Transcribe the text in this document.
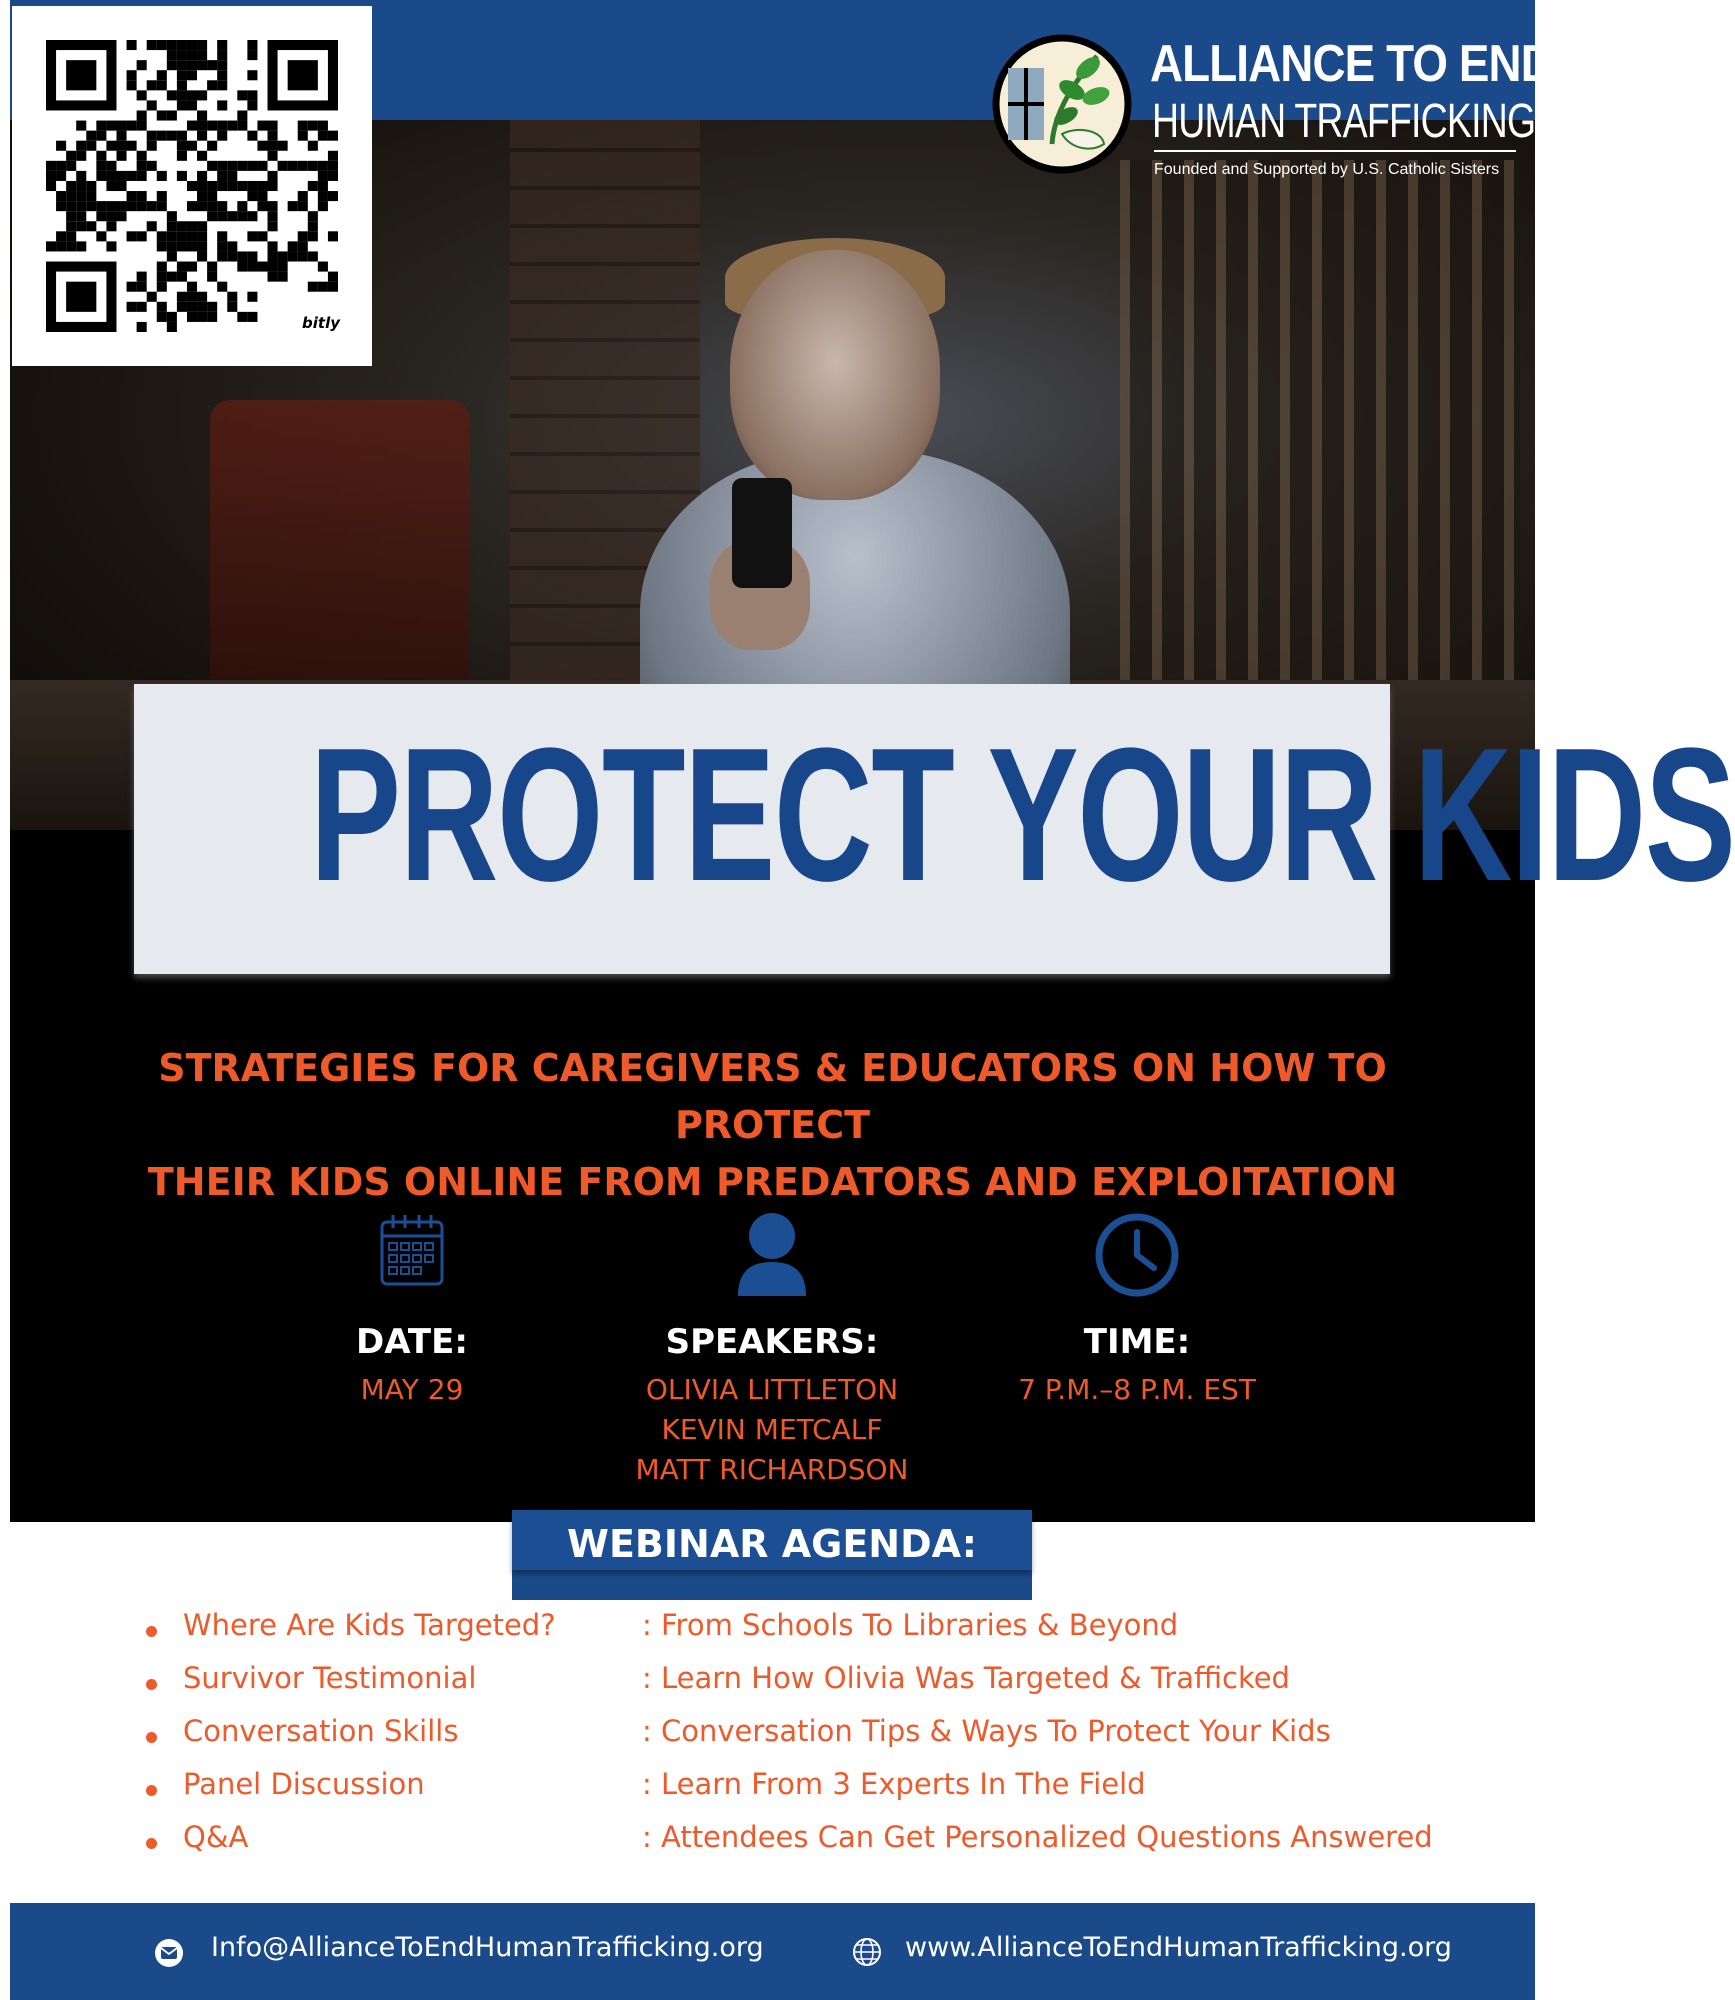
bitly
ALLIANCE TO END
HUMAN TRAFFICKING
Founded and Supported by U.S. Catholic Sisters
PROTECT YOUR KIDS
STRATEGIES FOR CAREGIVERS & EDUCATORS ON HOW TO PROTECT
THEIR KIDS ONLINE FROM PREDATORS AND EXPLOITATION
DATE:
MAY 29
SPEAKERS:
OLIVIA LITTLETON
KEVIN METCALF
MATT RICHARDSON
TIME:
7 P.M.–8 P.M. EST
WEBINAR AGENDA:
Where Are Kids Targeted?	: From Schools To Libraries & Beyond
Survivor Testimonial	: Learn How Olivia Was Targeted & Trafficked
Conversation Skills	: Conversation Tips & Ways To Protect Your Kids
Panel Discussion	: Learn From 3 Experts In The Field
Q&A	: Attendees Can Get Personalized Questions Answered
Info@AllianceToEndHumanTrafficking.org	www.AllianceToEndHumanTrafficking.org
